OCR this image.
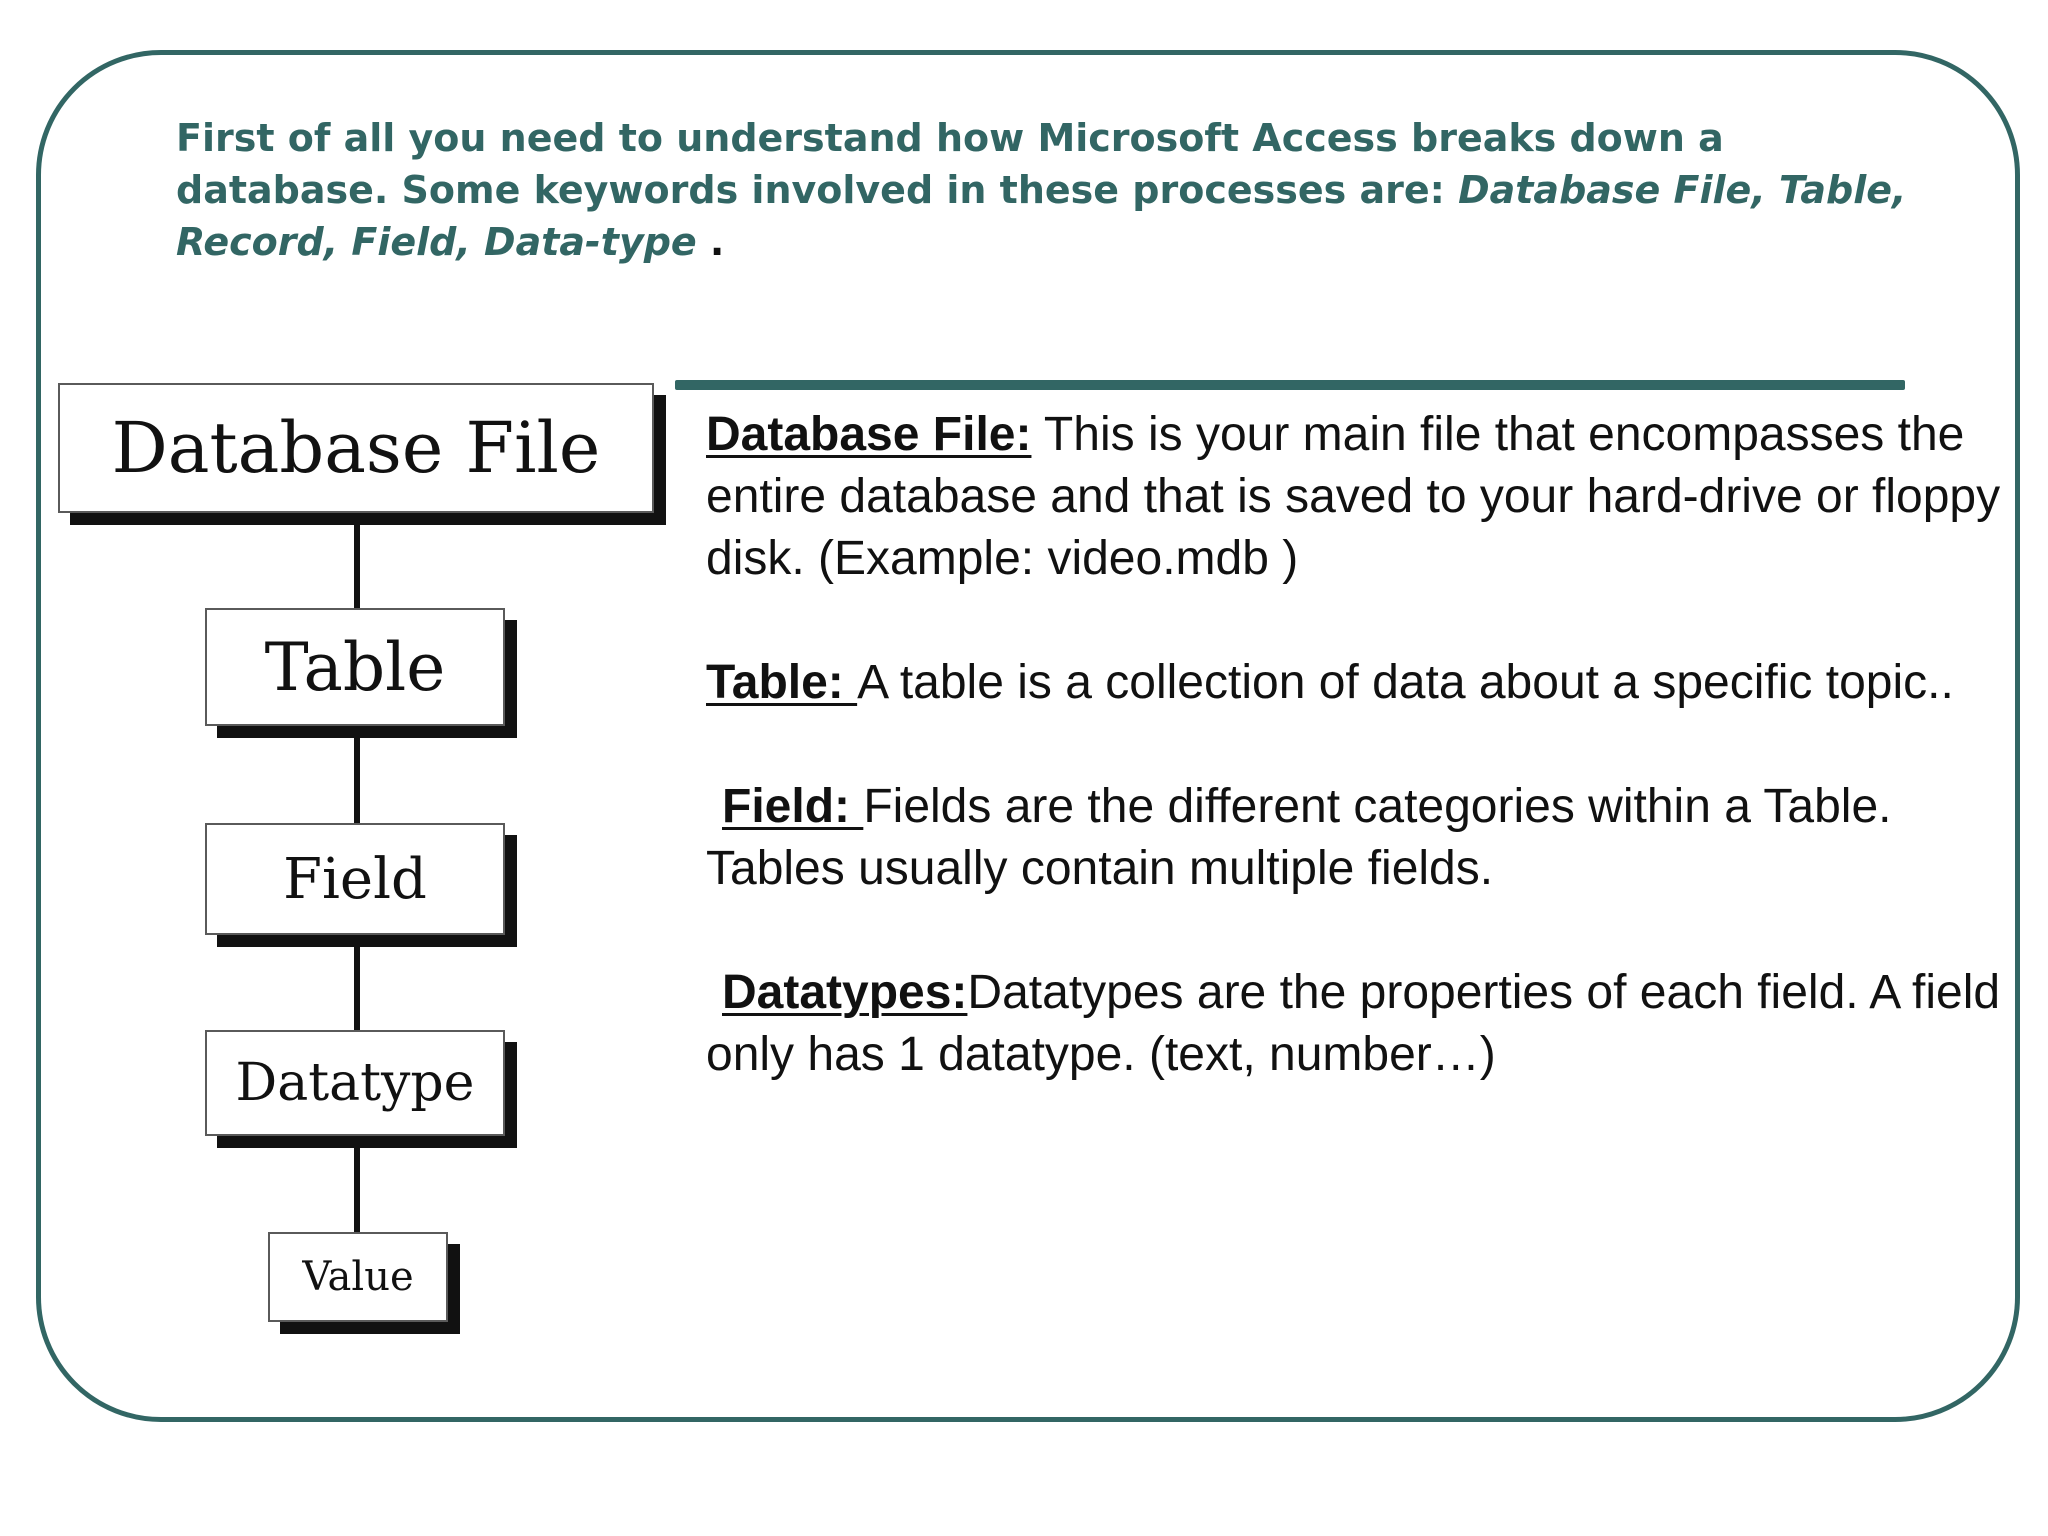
First of all you need to understand how Microsoft Access breaks down a database. Some keywords involved in these processes are: Database File, Table, Record, Field, Data-type .

Database File
Table
Field
Datatype
Value

Database File: This is your main file that encompasses the entire database and that is saved to your hard-drive or floppy disk. (Example: video.mdb )

Table: A table is a collection of data about a specific topic..

Field: Fields are the different categories within a Table. Tables usually contain multiple fields.

Datatypes:Datatypes are the properties of each field. A field only has 1 datatype. (text, number…)
